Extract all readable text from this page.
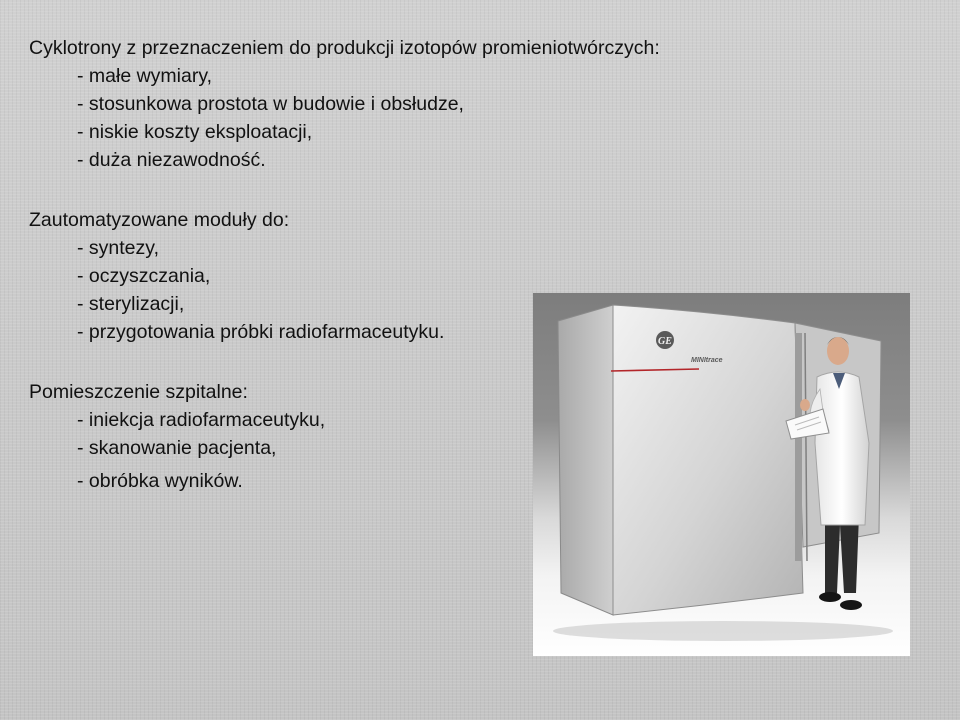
Cyklotrony z przeznaczeniem do produkcji izotopów promieniotwórczych:
- małe wymiary,
- stosunkowa prostota w budowie i obsłudze,
- niskie koszty eksploatacji,
- duża niezawodność.
Zautomatyzowane moduły do:
- syntezy,
- oczyszczania,
- sterylizacji,
- przygotowania próbki radiofarmaceutyku.
Pomieszczenie szpitalne:
- iniekcja radiofarmaceutyku,
- skanowanie pacjenta,
- obróbka wyników.
GE
MINItrace
